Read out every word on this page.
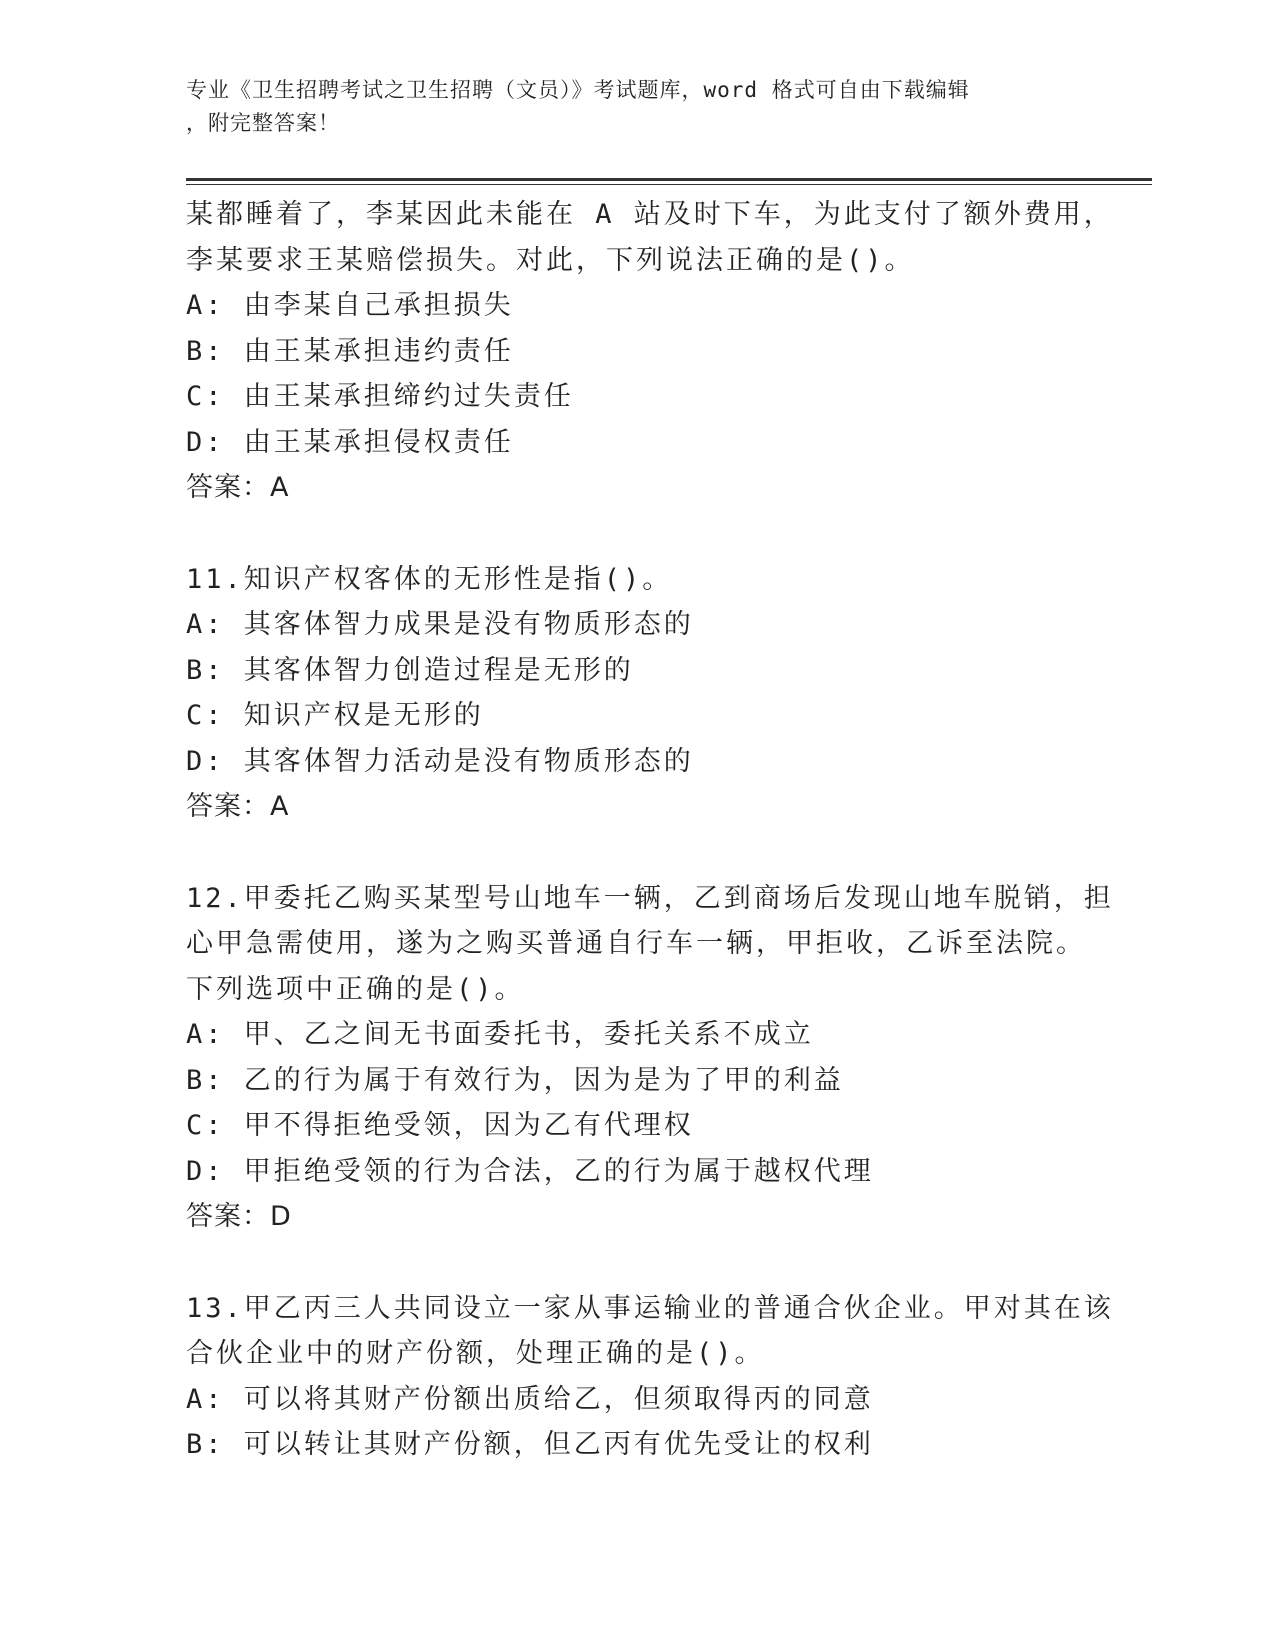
专业《卫生招聘考试之卫生招聘（文员）》考试题库，word 格式可自由下载编辑
，附完整答案！
某都睡着了，李某因此未能在 A 站及时下车，为此支付了额外费用，
李某要求王某赔偿损失。对此，下列说法正确的是()。
A: 由李某自己承担损失
B: 由王某承担违约责任
C: 由王某承担缔约过失责任
D: 由王某承担侵权责任
答案：A
11.知识产权客体的无形性是指()。
A: 其客体智力成果是没有物质形态的
B: 其客体智力创造过程是无形的
C: 知识产权是无形的
D: 其客体智力活动是没有物质形态的
答案：A
12.甲委托乙购买某型号山地车一辆，乙到商场后发现山地车脱销，担
心甲急需使用，遂为之购买普通自行车一辆，甲拒收，乙诉至法院。
下列选项中正确的是()。
A: 甲、乙之间无书面委托书，委托关系不成立
B: 乙的行为属于有效行为，因为是为了甲的利益
C: 甲不得拒绝受领，因为乙有代理权
D: 甲拒绝受领的行为合法，乙的行为属于越权代理
答案：D
13.甲乙丙三人共同设立一家从事运输业的普通合伙企业。甲对其在该
合伙企业中的财产份额，处理正确的是()。
A: 可以将其财产份额出质给乙，但须取得丙的同意
B: 可以转让其财产份额，但乙丙有优先受让的权利
